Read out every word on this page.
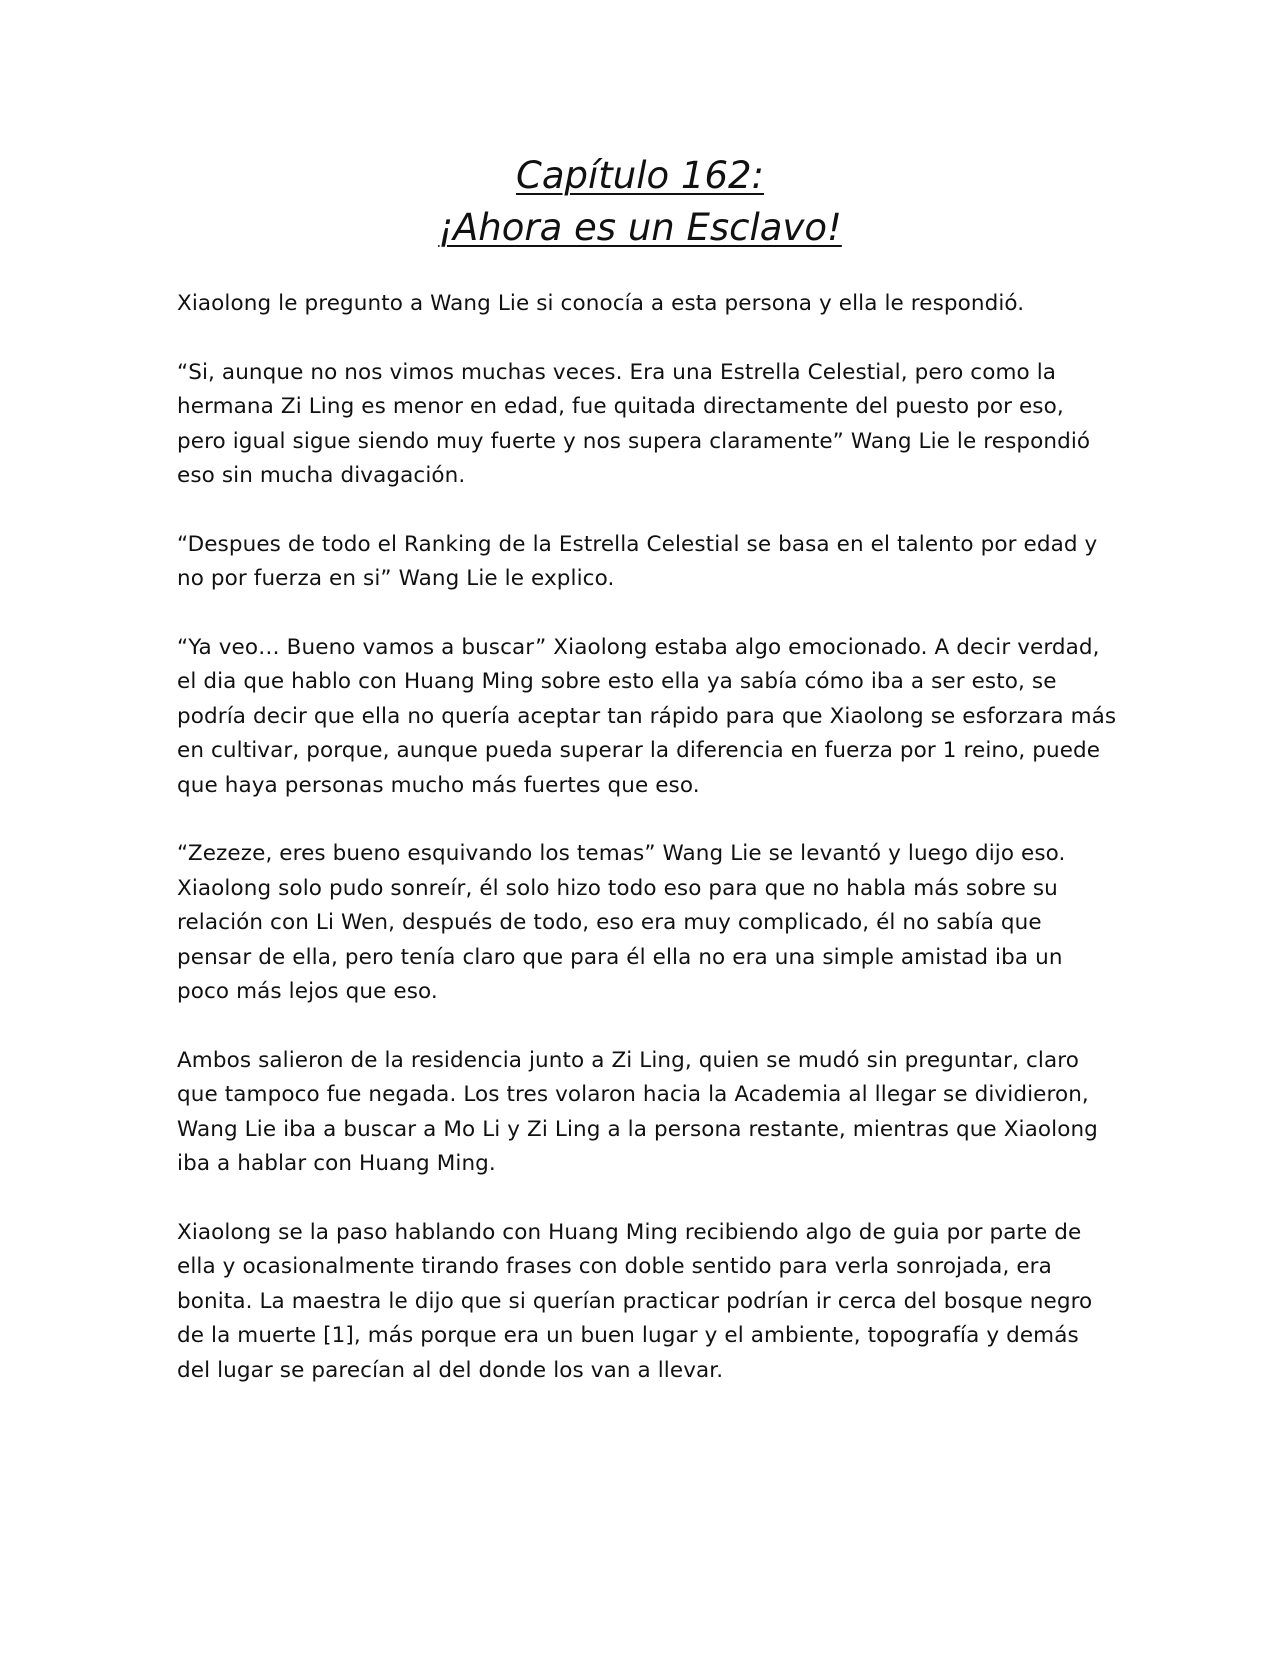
Capítulo 162:
¡Ahora es un Esclavo!

Xiaolong le pregunto a Wang Lie si conocía a esta persona y ella le respondió.

“Si, aunque no nos vimos muchas veces. Era una Estrella Celestial, pero como la hermana Zi Ling es menor en edad, fue quitada directamente del puesto por eso, pero igual sigue siendo muy fuerte y nos supera claramente” Wang Lie le respondió eso sin mucha divagación.

“Despues de todo el Ranking de la Estrella Celestial se basa en el talento por edad y no por fuerza en si” Wang Lie le explico.

“Ya veo… Bueno vamos a buscar” Xiaolong estaba algo emocionado. A decir verdad, el dia que hablo con Huang Ming sobre esto ella ya sabía cómo iba a ser esto, se podría decir que ella no quería aceptar tan rápido para que Xiaolong se esforzara más en cultivar, porque, aunque pueda superar la diferencia en fuerza por 1 reino, puede que haya personas mucho más fuertes que eso.

“Zezeze, eres bueno esquivando los temas” Wang Lie se levantó y luego dijo eso. Xiaolong solo pudo sonreír, él solo hizo todo eso para que no habla más sobre su relación con Li Wen, después de todo, eso era muy complicado, él no sabía que pensar de ella, pero tenía claro que para él ella no era una simple amistad iba un poco más lejos que eso.

Ambos salieron de la residencia junto a Zi Ling, quien se mudó sin preguntar, claro que tampoco fue negada. Los tres volaron hacia la Academia al llegar se dividieron, Wang Lie iba a buscar a Mo Li y Zi Ling a la persona restante, mientras que Xiaolong iba a hablar con Huang Ming.

Xiaolong se la paso hablando con Huang Ming recibiendo algo de guia por parte de ella y ocasionalmente tirando frases con doble sentido para verla sonrojada, era bonita. La maestra le dijo que si querían practicar podrían ir cerca del bosque negro de la muerte [1], más porque era un buen lugar y el ambiente, topografía y demás del lugar se parecían al del donde los van a llevar.
